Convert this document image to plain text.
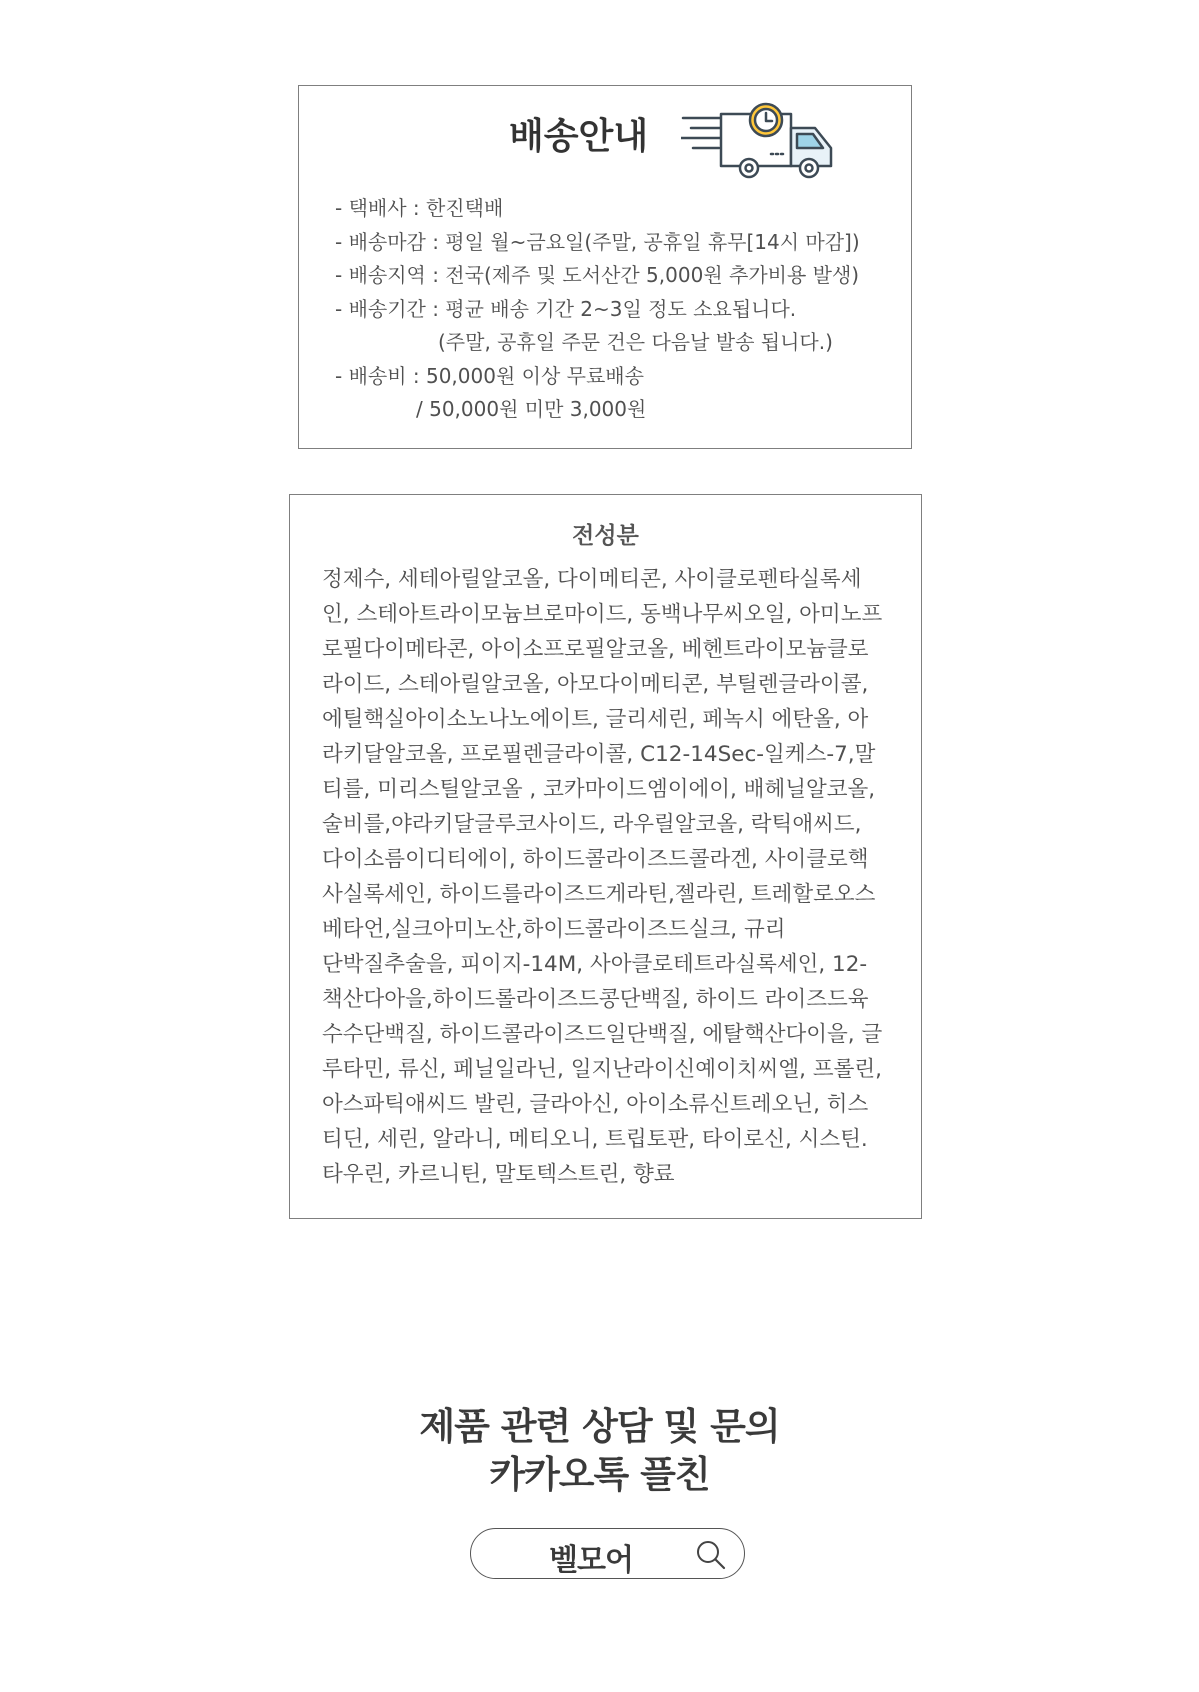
배송안내
- 택배사 : 한진택배
- 배송마감 : 평일 월~금요일(주말, 공휴일 휴무[14시 마감])
- 배송지역 : 전국(제주 및 도서산간 5,000원 추가비용 발생)
- 배송기간 : 평균 배송 기간 2~3일 정도 소요됩니다.
(주말, 공휴일 주문 건은 다음날 발송 됩니다.)
- 배송비 : 50,000원 이상 무료배송
/ 50,000원 미만 3,000원
전성분
정제수, 세테아릴알코올, 다이메티콘, 사이클로펜타실록세
인, 스테아트라이모늄브로마이드, 동백나무씨오일, 아미노프
로필다이메타콘, 아이소프로필알코올, 베헨트라이모늄클로
라이드, 스테아릴알코올, 아모다이메티콘, 부틸렌글라이콜,
에틸핵실아이소노나노에이트, 글리세린, 페녹시 에탄올, 아
라키달알코올, 프로필렌글라이콜, C12-14Sec-일케스-7,말
티를, 미리스틸알코올 , 코카마이드엠이에이, 배헤닐알코올,
술비를,야라키달글루코사이드, 라우릴알코올, 락틱애씨드,
다이소름이디티에이, 하이드콜라이즈드콜라겐, 사이클로핵
사실록세인, 하이드를라이즈드게라틴,젤라린, 트레할로오스
베타언,실크아미노산,하이드콜라이즈드실크, 규리
단박질추술을, 피이지-14M, 사아클로테트라실록세인, 12-
책산다아을,하이드롤라이즈드콩단백질, 하이드 라이즈드육
수수단백질, 하이드콜라이즈드일단백질, 에탈핵산다이을, 글
루타민, 류신, 페닐일라닌, 일지난라이신예이치씨엘, 프롤린,
아스파틱애씨드 발린, 글라아신, 아이소류신트레오닌, 히스
티딘, 세린, 알라니, 메티오니, 트립토판, 타이로신, 시스틴.
타우린, 카르니틴, 말토텍스트린, 향료
제품 관련 상담 및 문의
카카오톡 플친
벨모어
